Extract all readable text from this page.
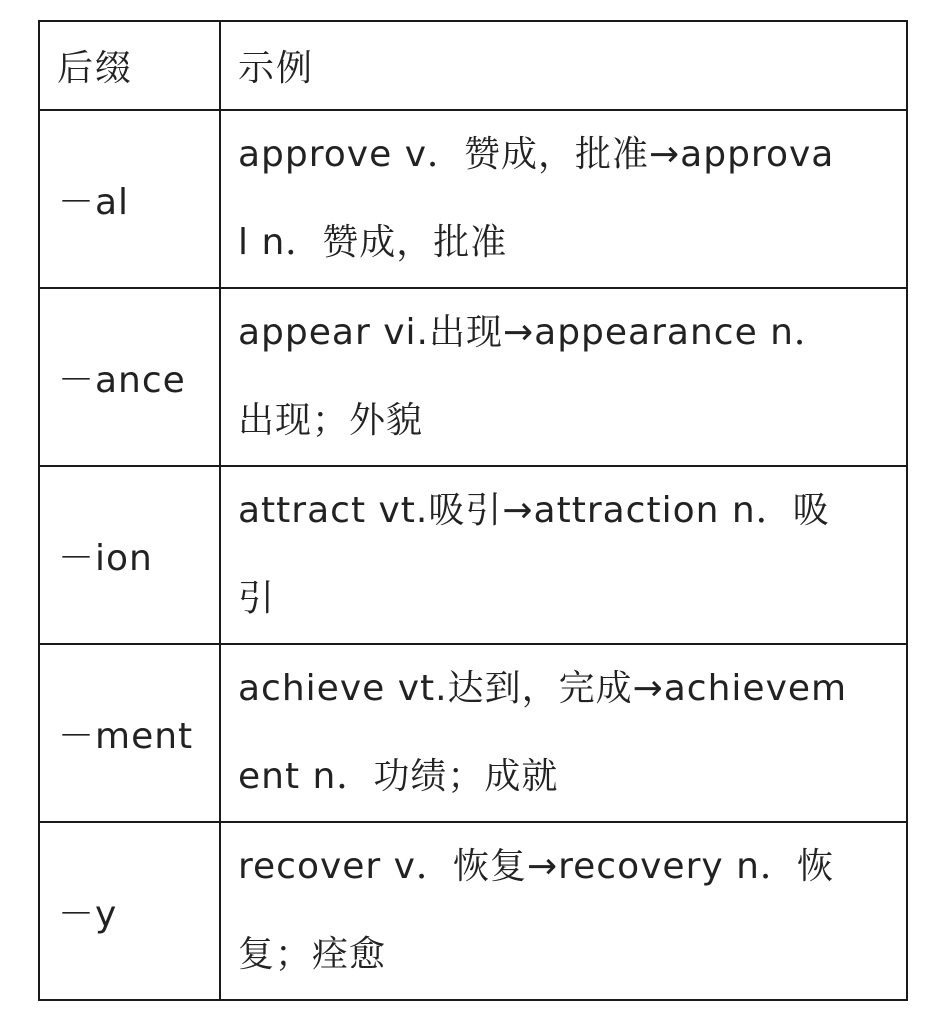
后缀	示例

－al	approve v．赞成，批准→approva
l n．赞成，批准

－ance	appear vi.出现→appearance n．
出现；外貌

－ion	attract vt.吸引→attraction n．吸
引

－ment	achieve vt.达到，完成→achievem
ent n．功绩；成就

－y	recover v．恢复→recovery n．恢
复；痊愈
